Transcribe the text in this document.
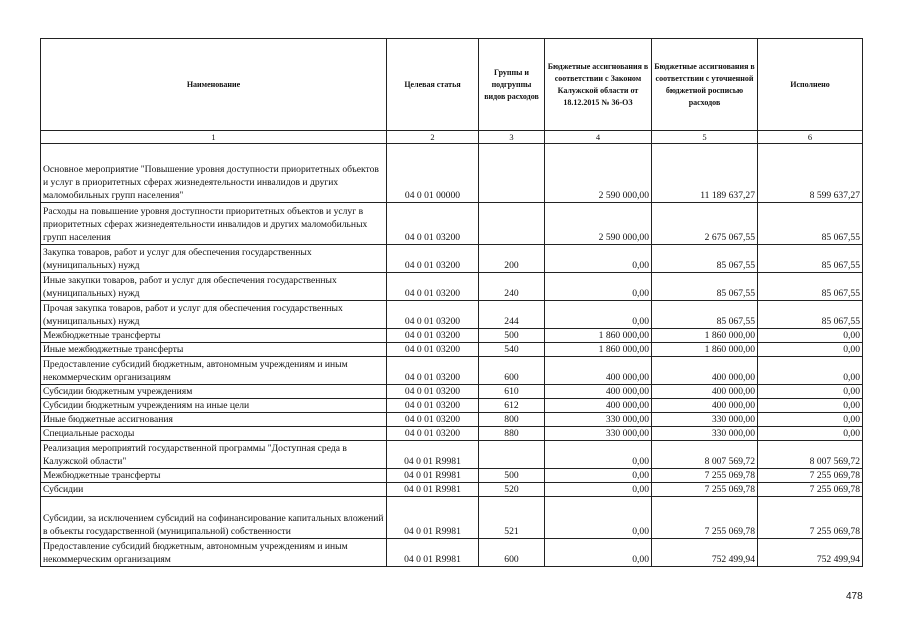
Наименование	Целевая статья	Группы и подгруппы видов расходов	Бюджетные ассигнования в соответствии с Законом Калужской области от 18.12.2015 № 36-ОЗ	Бюджетные ассигнования в соответствии с уточненной бюджетной росписью расходов	Исполнено
1	2	3	4	5	6
Основное мероприятие "Повышение уровня доступности приоритетных объектов и услуг в приоритетных сферах жизнедеятельности инвалидов и других маломобильных групп населения"	04 0 01 00000		2 590 000,00	11 189 637,27	8 599 637,27
Расходы на повышение уровня доступности приоритетных объектов и услуг в приоритетных сферах жизнедеятельности инвалидов и других маломобильных групп населения	04 0 01 03200		2 590 000,00	2 675 067,55	85 067,55
Закупка товаров, работ и услуг для обеспечения государственных (муниципальных) нужд	04 0 01 03200	200	0,00	85 067,55	85 067,55
Иные закупки товаров, работ и услуг для обеспечения государственных (муниципальных) нужд	04 0 01 03200	240	0,00	85 067,55	85 067,55
Прочая закупка товаров, работ и услуг для обеспечения государственных (муниципальных) нужд	04 0 01 03200	244	0,00	85 067,55	85 067,55
Межбюджетные трансферты	04 0 01 03200	500	1 860 000,00	1 860 000,00	0,00
Иные межбюджетные трансферты	04 0 01 03200	540	1 860 000,00	1 860 000,00	0,00
Предоставление субсидий бюджетным, автономным учреждениям и иным некоммерческим организациям	04 0 01 03200	600	400 000,00	400 000,00	0,00
Субсидии бюджетным учреждениям	04 0 01 03200	610	400 000,00	400 000,00	0,00
Субсидии бюджетным учреждениям на иные цели	04 0 01 03200	612	400 000,00	400 000,00	0,00
Иные бюджетные ассигнования	04 0 01 03200	800	330 000,00	330 000,00	0,00
Специальные расходы	04 0 01 03200	880	330 000,00	330 000,00	0,00
Реализация мероприятий государственной программы "Доступная среда в Калужской области"	04 0 01 R9981		0,00	8 007 569,72	8 007 569,72
Межбюджетные трансферты	04 0 01 R9981	500	0,00	7 255 069,78	7 255 069,78
Субсидии	04 0 01 R9981	520	0,00	7 255 069,78	7 255 069,78
Субсидии, за исключением субсидий на софинансирование капитальных вложений в объекты государственной (муниципальной) собственности	04 0 01 R9981	521	0,00	7 255 069,78	7 255 069,78
Предоставление субсидий бюджетным, автономным учреждениям и иным некоммерческим организациям	04 0 01 R9981	600	0,00	752 499,94	752 499,94
478
